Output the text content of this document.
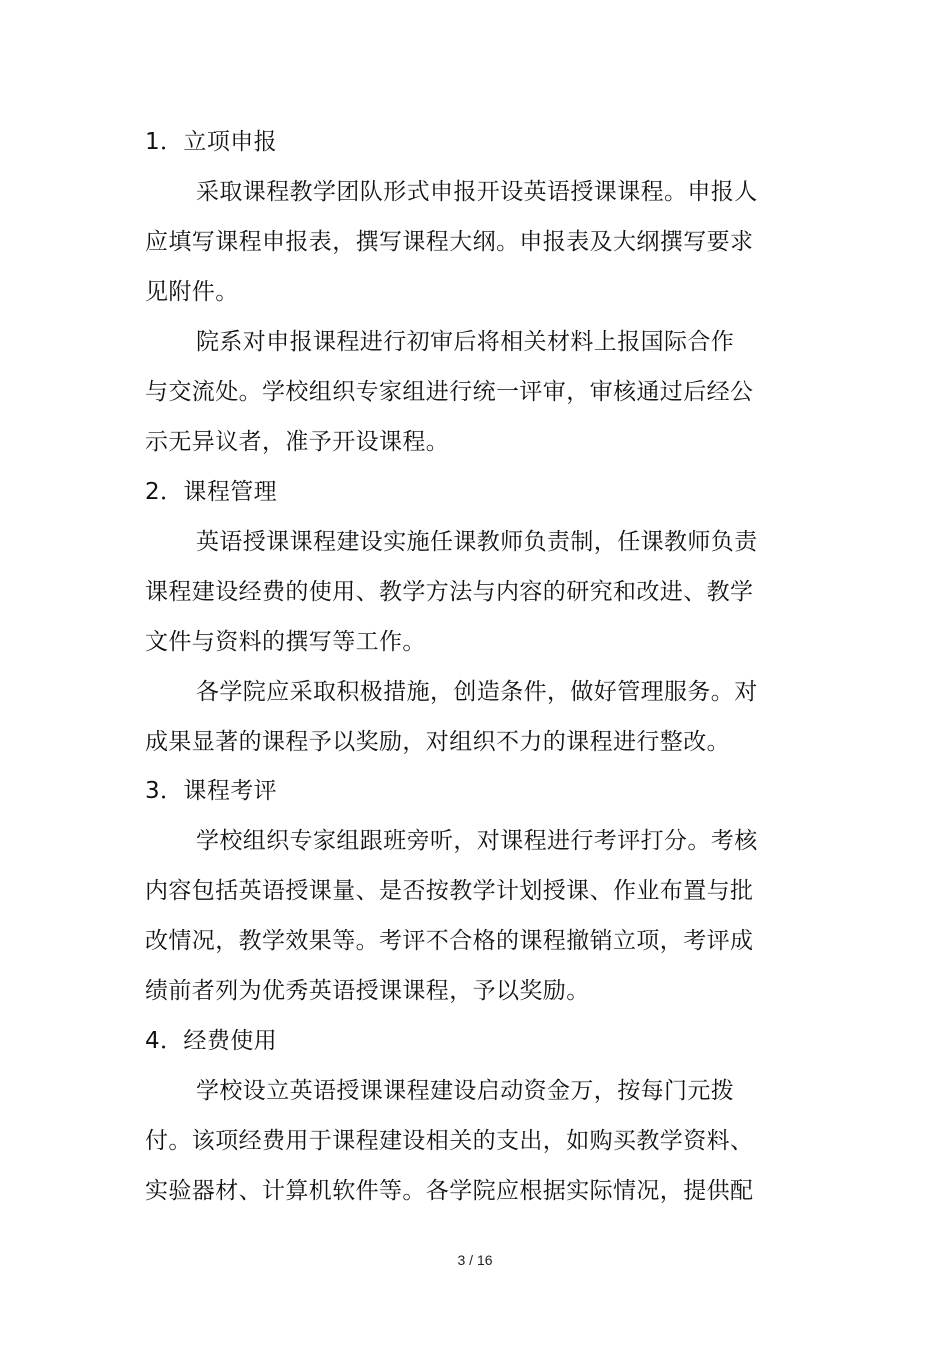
1．立项申报
采取课程教学团队形式申报开设英语授课课程。申报人
应填写课程申报表，撰写课程大纲。申报表及大纲撰写要求
见附件。
院系对申报课程进行初审后将相关材料上报国际合作
与交流处。学校组织专家组进行统一评审，审核通过后经公
示无异议者，准予开设课程。
2．课程管理
英语授课课程建设实施任课教师负责制，任课教师负责
课程建设经费的使用、教学方法与内容的研究和改进、教学
文件与资料的撰写等工作。
各学院应采取积极措施，创造条件，做好管理服务。对
成果显著的课程予以奖励，对组织不力的课程进行整改。
3．课程考评
学校组织专家组跟班旁听，对课程进行考评打分。考核
内容包括英语授课量、是否按教学计划授课、作业布置与批
改情况，教学效果等。考评不合格的课程撤销立项，考评成
绩前者列为优秀英语授课课程，予以奖励。
4．经费使用
学校设立英语授课课程建设启动资金万，按每门元拨
付。该项经费用于课程建设相关的支出，如购买教学资料、
实验器材、计算机软件等。各学院应根据实际情况，提供配
3 / 16
